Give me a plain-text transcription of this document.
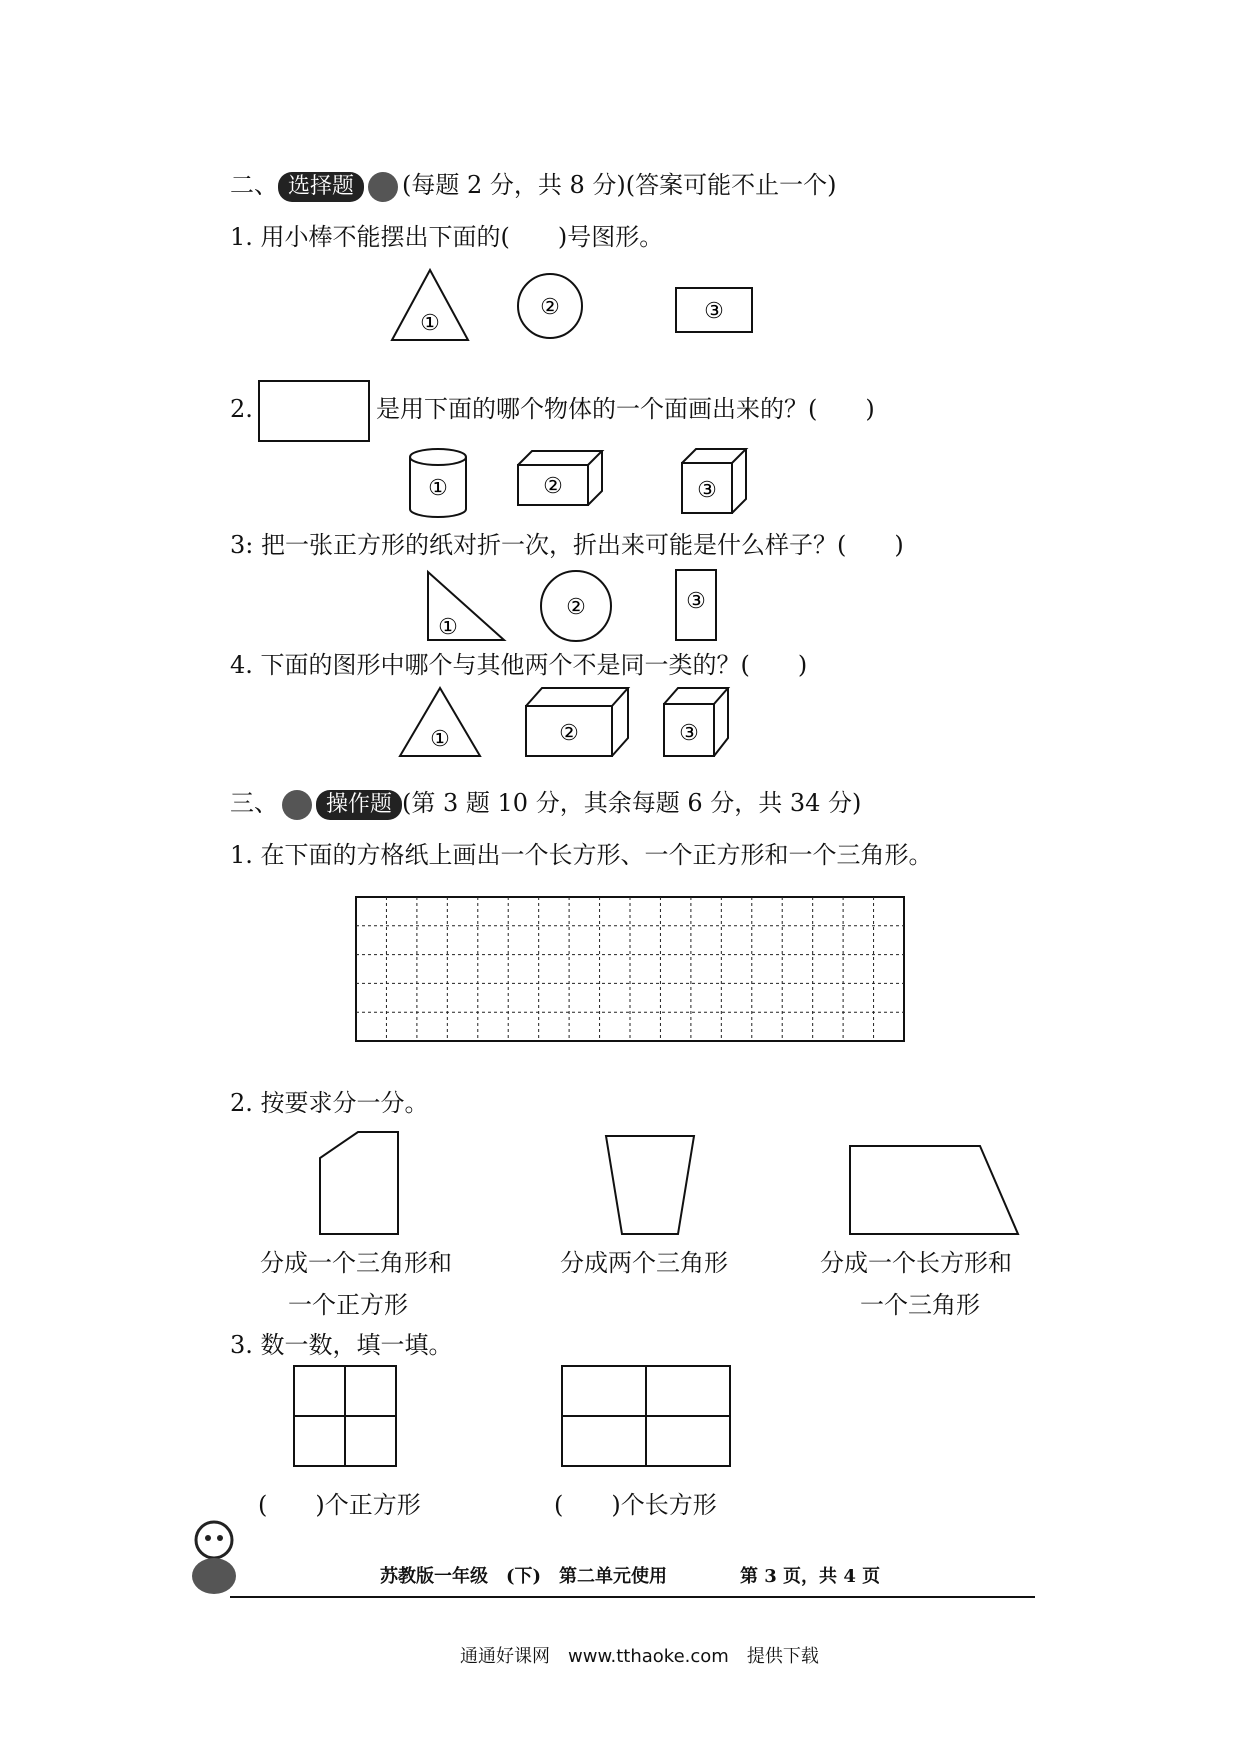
二、 选择题 (每题 2 分，共 8 分)(答案可能不止一个)
1. 用小棒不能摆出下面的(　　)号图形。
①
②	③
2.	是用下面的哪个物体的一个面画出来的？(　　)
①	②	③
3: 把一张正方形的纸对折一次，折出来可能是什么样子？(　　)
①
②	③
4. 下面的图形中哪个与其他两个不是同一类的？(　　)
①	②	③
三、 操作题 (第 3 题 10 分，其余每题 6 分，共 34 分)
1. 在下面的方格纸上画出一个长方形、一个正方形和一个三角形。
2. 按要求分一分。
分成一个三角形和
一个正方形
分成两个三角形	分成一个长方形和
一个三角形
3. 数一数，填一填。
(　　)个正方形	(　　)个长方形
苏教版一年级　(下)　第二单元使用	第 3 页，共 4 页
通通好课网　www.tthaoke.com　提供下载
